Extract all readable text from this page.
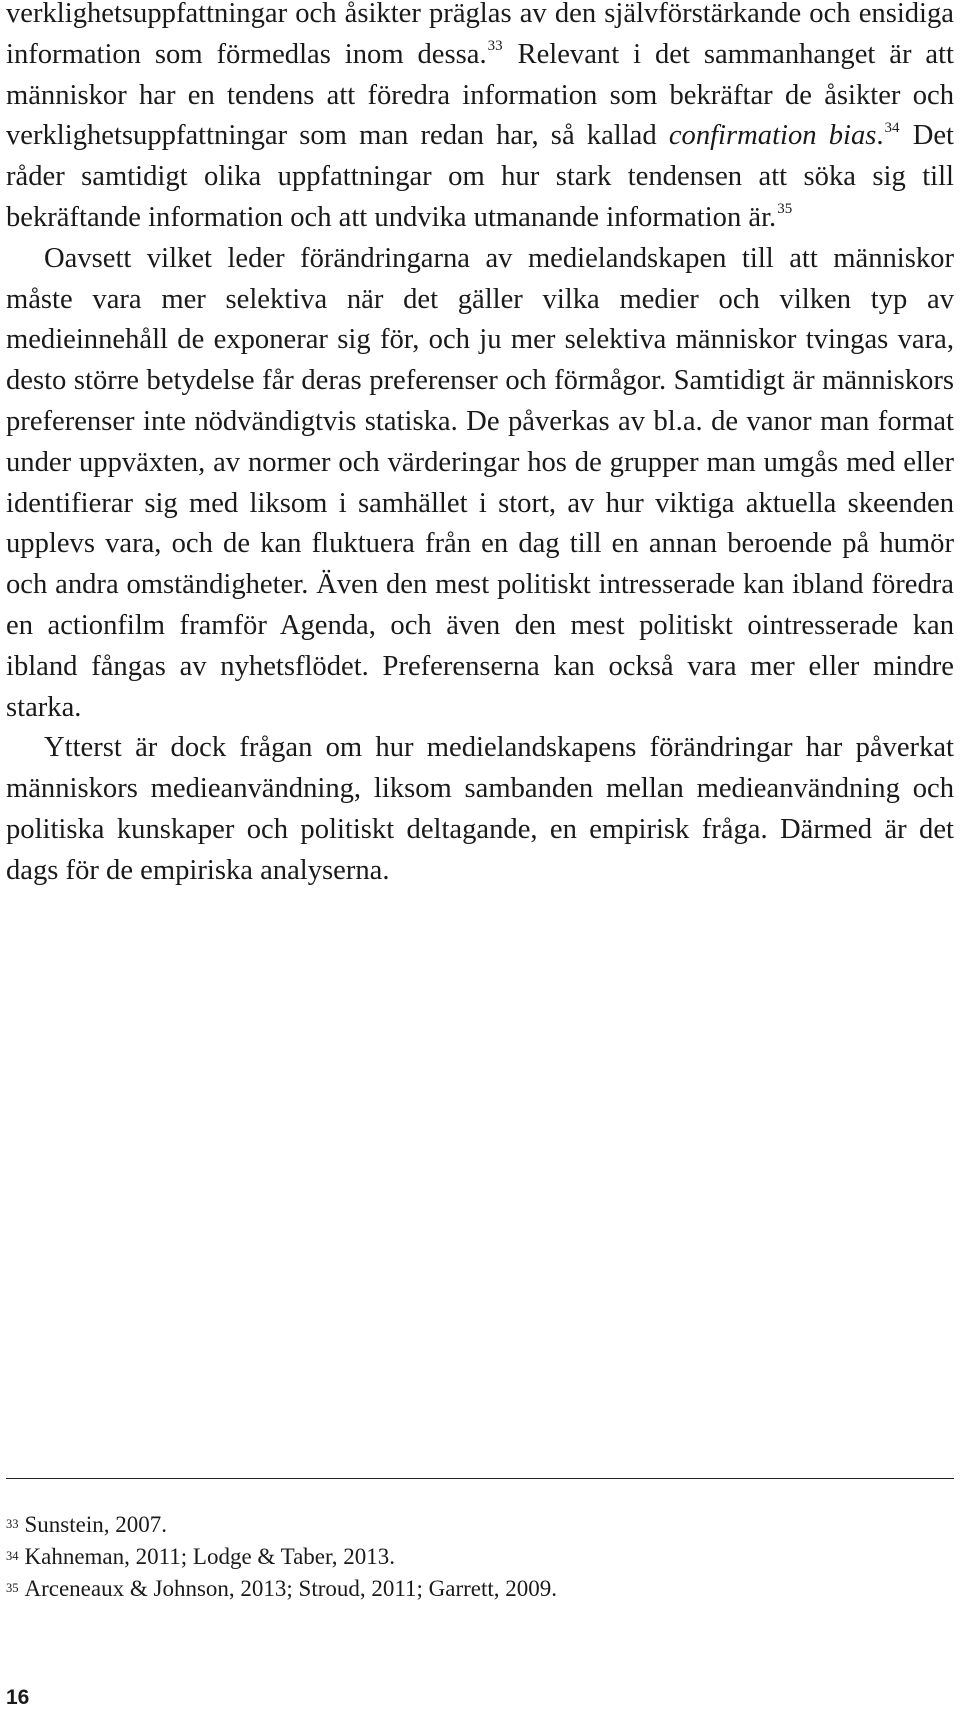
verklighetsuppfattningar och åsikter präglas av den självförstärkande och ensidiga information som förmedlas inom dessa.$^{33}$ Relevant i det sammanhanget är att människor har en tendens att föredra information som bekräftar de åsikter och verklighetsuppfattningar som man redan har, så kallad confirmation bias.$^{34}$ Det råder samtidigt olika uppfattningar om hur stark tendensen att söka sig till bekräftande information och att undvika utmanande information är.$^{35}$

Oavsett vilket leder förändringarna av medielandskapen till att människor måste vara mer selektiva när det gäller vilka medier och vilken typ av medieinnehåll de exponerar sig för, och ju mer selektiva människor tvingas vara, desto större betydelse får deras preferenser och förmågor. Samtidigt är människors preferenser inte nödvändigtvis statiska. De påverkas av bl.a. de vanor man format under uppväxten, av normer och värderingar hos de grupper man umgås med eller identifierar sig med liksom i samhället i stort, av hur viktiga aktuella skeenden upplevs vara, och de kan fluktuera från en dag till en annan beroende på humör och andra omständigheter. Även den mest politiskt intresserade kan ibland föredra en actionfilm framför Agenda, och även den mest politiskt ointresserade kan ibland fångas av nyhetsflödet. Preferenserna kan också vara mer eller mindre starka.

Ytterst är dock frågan om hur medielandskapens förändringar har påverkat människors medieanvändning, liksom sambanden mellan medieanvändning och politiska kunskaper och politiskt deltagande, en empirisk fråga. Därmed är det dags för de empiriska analyserna.

33 Sunstein, 2007.

34 Kahneman, 2011; Lodge & Taber, 2013.

35 Arceneaux & Johnson, 2013; Stroud, 2011; Garrett, 2009.

16
